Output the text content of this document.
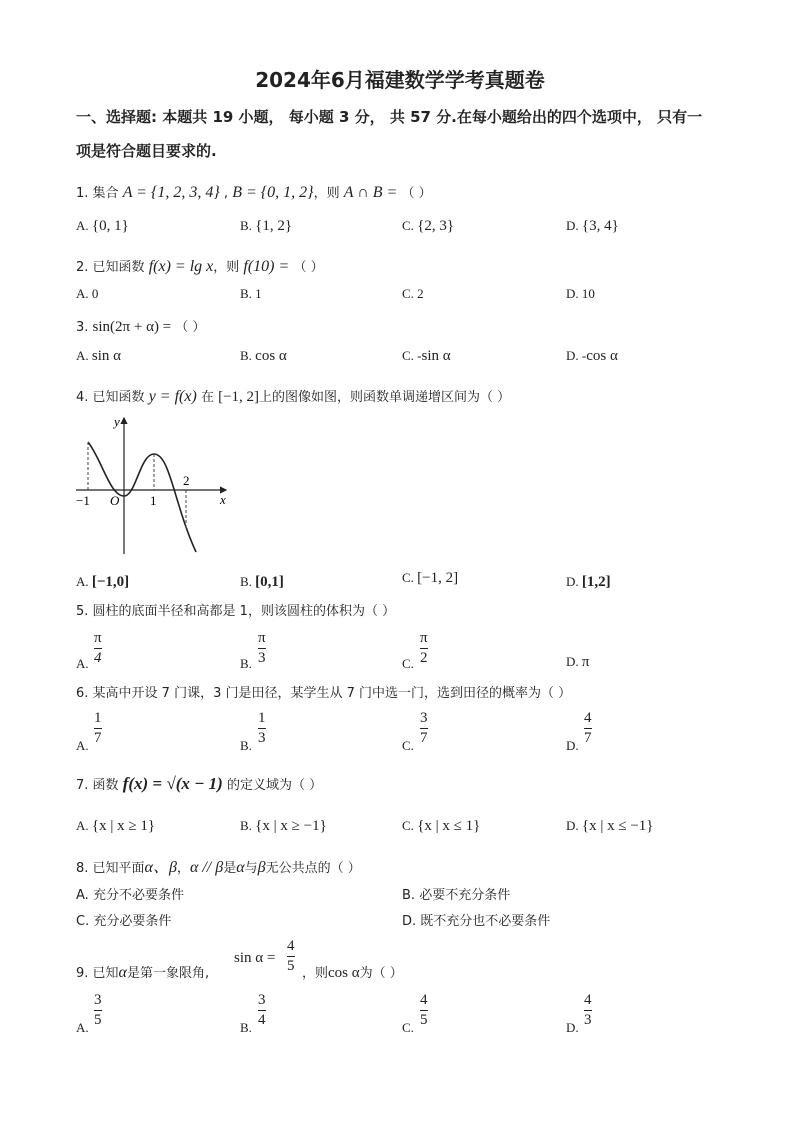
2024年6月福建数学学考真题卷
一、选择题: 本题共 19 小题， 每小题 3 分， 共 57 分.在每小题给出的四个选项中， 只有一
项是符合题目要求的.
1. 集合 A = {1, 2, 3, 4} , B = {0, 1, 2}，则 A ∩ B = （ ）
A. {0, 1}	B. {1, 2}	C. {2, 3}	D. {3, 4}
2. 已知函数 f(x) = lg x，则 f(10) = （ ）
A. 0	B. 1	C. 2	D. 10
3. sin(2π + α) = （ ）
A. sin α	B. cos α	C. -sin α	D. -cos α
4. 已知函数 y = f(x) 在 [−1, 2]上的图像如图，则函数单调递增区间为（ ）
y
x
O
−1	1
2
A. [−1,0]	B. [0,1]	C. [−1, 2]	D. [1,2]
5. 圆柱的底面半径和高都是 1，则该圆柱的体积为（ ）
A.
π
4	B.
π
3	C.
π
2	D. π
6. 某高中开设 7 门课，3 门是田径，某学生从 7 门中选一门，选到田径的概率为（ ）
A.
1
7	B.
1
3	C.
3
7	D.
4
7
7. 函数 f(x) = √(x − 1) 的定义域为（ ）
A. {x | x ≥ 1}	B. {x | x ≥ −1}	C. {x | x ≤ 1}	D. {x | x ≤ −1}
8. 已知平面α、β，α // β是α与β无公共点的（ ）
A. 充分不必要条件	B. 必要不充分条件
C. 充分必要条件	D. 既不充分也不必要条件
9. 已知α是第一象限角,
sin α =
4
5 ，则cos α为（ ）
A.
3
5	B.
3
4	C.
4
5	D.
4
3
